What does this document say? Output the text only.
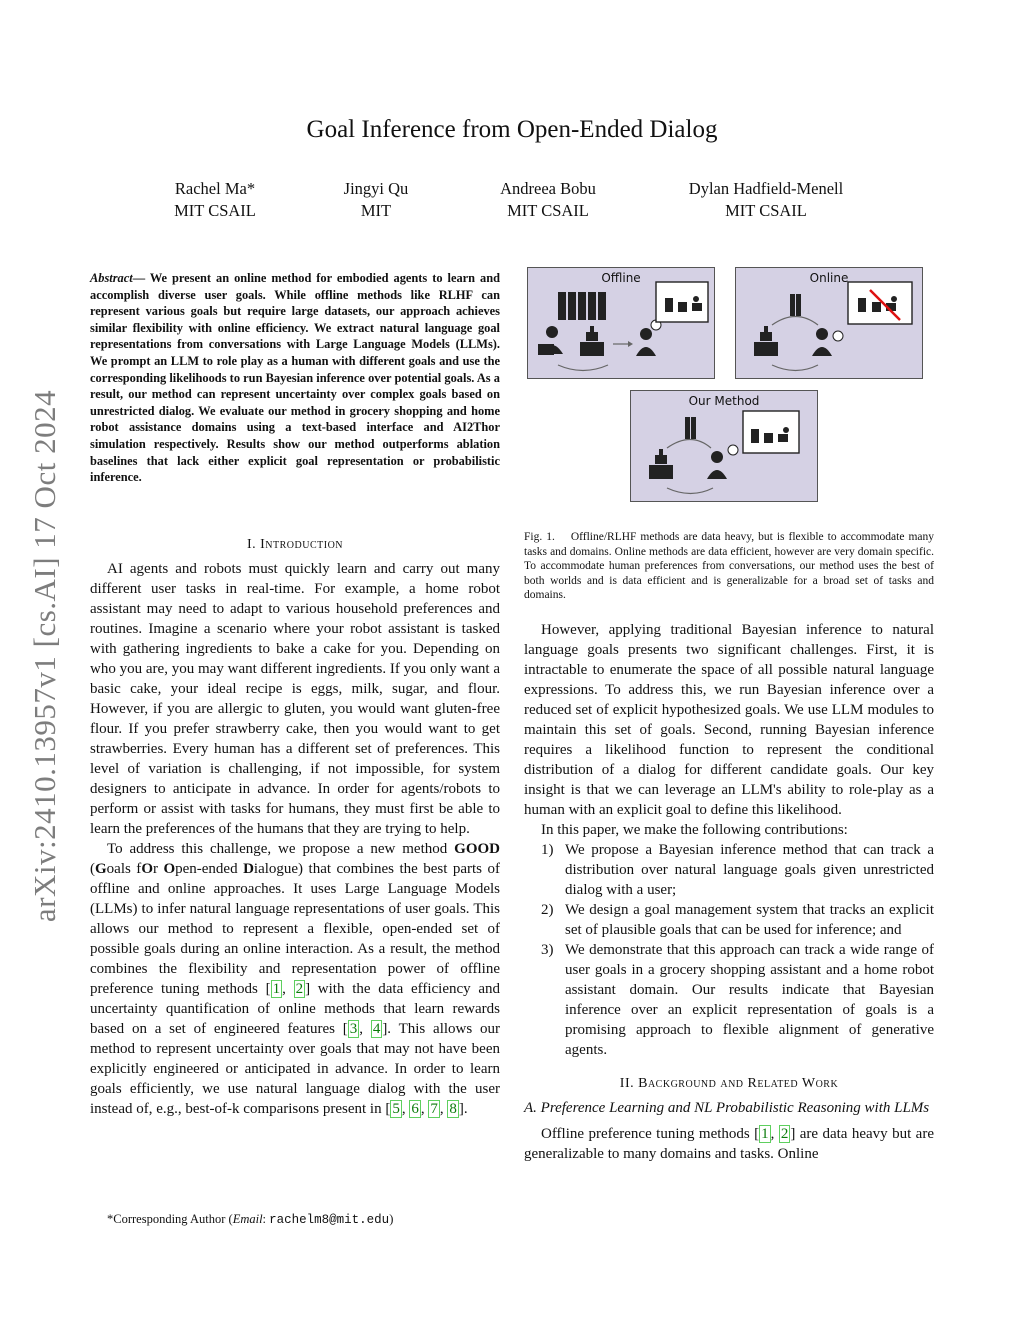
arXiv:2410.13957v1 [cs.AI] 17 Oct 2024
Goal Inference from Open-Ended Dialog
Rachel Ma*
MIT CSAIL
Jingyi Qu
MIT
Andreea Bobu
MIT CSAIL
Dylan Hadfield-Menell
MIT CSAIL
Abstract— We present an online method for embodied agents to learn and accomplish diverse user goals. While offline methods like RLHF can represent various goals but require large datasets, our approach achieves similar flexibility with online efficiency. We extract natural language goal representations from conversations with Large Language Models (LLMs). We prompt an LLM to role play as a human with different goals and use the corresponding likelihoods to run Bayesian inference over potential goals. As a result, our method can represent uncertainty over complex goals based on unrestricted dialog. We evaluate our method in grocery shopping and home robot assistance domains using a text-based interface and AI2Thor simulation respectively. Results show our method outperforms ablation baselines that lack either explicit goal representation or probabilistic inference.
I. Introduction

AI agents and robots must quickly learn and carry out many different user tasks in real-time. For example, a home robot assistant may need to adapt to various household preferences and routines. Imagine a scenario where your robot assistant is tasked with gathering ingredients to bake a cake for you. Depending on who you are, you may want different ingredients. If you only want a basic cake, your ideal recipe is eggs, milk, sugar, and flour. However, if you are allergic to gluten, you would want gluten-free flour. If you prefer strawberry cake, then you would want to get strawberries. Every human has a different set of preferences. This level of variation is challenging, if not impossible, for system designers to anticipate in advance. In order for agents/robots to perform or assist with tasks for humans, they must first be able to learn the preferences of the humans that they are trying to help.

To address this challenge, we propose a new method GOOD (Goals fOr Open-ended Dialogue) that combines the best parts of offline and online approaches. It uses Large Language Models (LLMs) to infer natural language representations of user goals. This allows our method to represent a flexible, open-ended set of possible goals during an online interaction. As a result, the method combines the flexibility and representation power of offline preference tuning methods [ 1 , 2 ] with the data efficiency and uncertainty quantification of online methods that learn rewards based on a set of engineered features [ 3 , 4 ]. This allows our method to represent uncertainty over goals that may not have been explicitly engineered or anticipated in advance. In order to learn goals efficiently, we use natural language dialog with the user instead of, e.g., best-of-k comparisons present in [ 5 , 6 , 7 , 8 ].

*Corresponding Author (Email: rachelm8@mit.edu)
Offline	Online
Our Method
Fig. 1. Offline/RLHF methods are data heavy, but is flexible to accommodate many tasks and domains. Online methods are data efficient, however are very domain specific. To accommodate human preferences from conversations, our method uses the best of both worlds and is data efficient and is generalizable for a broad set of tasks and domains.

However, applying traditional Bayesian inference to natural language goals presents two significant challenges. First, it is intractable to enumerate the space of all possible natural language expressions. To address this, we run Bayesian inference over a reduced set of explicit hypothesized goals. We use LLM modules to maintain this set of goals. Second, running Bayesian inference requires a likelihood function to represent the conditional distribution of a dialog for different candidate goals. Our key insight is that we can leverage an LLM's ability to role-play as a human with an explicit goal to define this likelihood.

In this paper, we make the following contributions:

1) We propose a Bayesian inference method that can track a distribution over natural language goals given unrestricted dialog with a user;
2) We design a goal management system that tracks an explicit set of plausible goals that can be used for inference; and
3) We demonstrate that this approach can track a wide range of user goals in a grocery shopping assistant and a home robot assistant domain. Our results indicate that Bayesian inference over an explicit representation of goals is a promising approach to flexible alignment of generative agents.
II. Background and Related Work
A. Preference Learning and NL Probabilistic Reasoning with LLMs

Offline preference tuning methods [ 1 , 2 ] are data heavy but are generalizable to many domains and tasks. Online
